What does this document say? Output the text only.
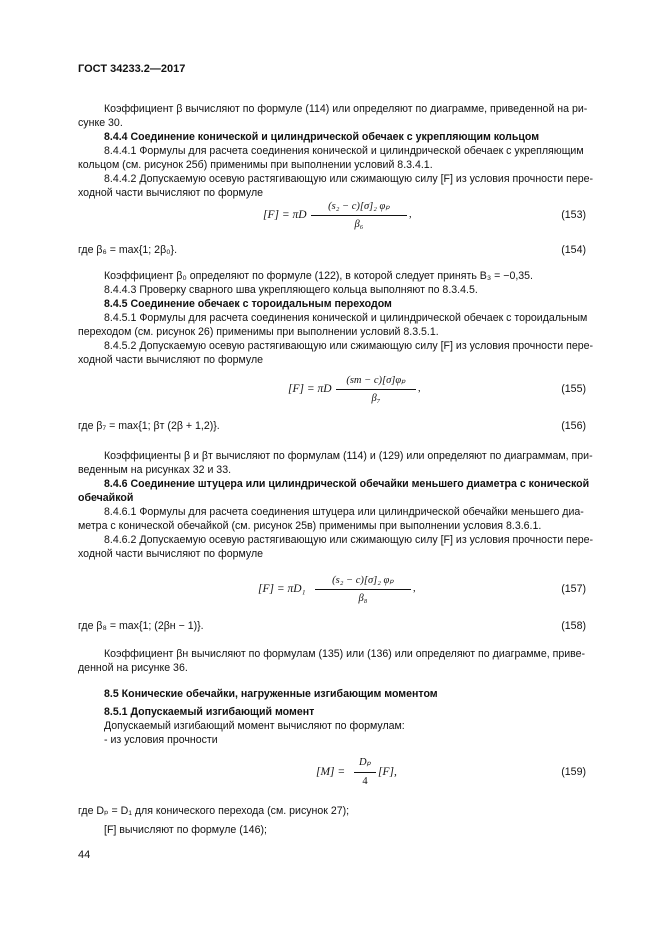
ГОСТ 34233.2—2017
Коэффициент β вычисляют по формуле (114) или определяют по диаграмме, приведенной на ри-
сунке 30.
8.4.4 Соединение конической и цилиндрической обечаек с укрепляющим кольцом
8.4.4.1 Формулы для расчета соединения конической и цилиндрической обечаек с укрепляющим
кольцом (см. рисунок 25б) применимы при выполнении условий 8.3.4.1.
8.4.4.2 Допускаемую осевую растягивающую или сжимающую силу [F] из условия прочности пере-
ходной части вычисляют по формуле
[F] = πD
(s₂ − c)[σ]₂ φₚ
β₆
,	(153)
где β₆ = max{1; 2β₀}.	(154)
Коэффициент β₀ определяют по формуле (122), в которой следует принять B₃ = −0,35.
8.4.4.3 Проверку сварного шва укрепляющего кольца выполняют по 8.3.4.5.
8.4.5 Соединение обечаек с тороидальным переходом
8.4.5.1 Формулы для расчета соединения конической и цилиндрической обечаек с тороидальным
переходом (см. рисунок 26) применимы при выполнении условий 8.3.5.1.
8.4.5.2 Допускаемую осевую растягивающую или сжимающую силу [F] из условия прочности пере-
ходной части вычисляют по формуле
[F] = πD
(sт − c)[σ]φₚ
β₇
,	(155)
где β₇ = max{1; βт (2β + 1,2)}.	(156)
Коэффициенты β и βт вычисляют по формулам (114) и (129) или определяют по диаграммам, при-
веденным на рисунках 32 и 33.
8.4.6 Соединение штуцера или цилиндрической обечайки меньшего диаметра с конической
обечайкой
8.4.6.1 Формулы для расчета соединения штуцера или цилиндрической обечайки меньшего диа-
метра с конической обечайкой (см. рисунок 25в) применимы при выполнении условия 8.3.6.1.
8.4.6.2 Допускаемую осевую растягивающую или сжимающую силу [F] из условия прочности пере-
ходной части вычисляют по формуле
[F] = πD₁
(s₂ − c)[σ]₂ φₚ
β₈
,	(157)
где β₈ = max{1; (2βн − 1)}.	(158)
Коэффициент βн вычисляют по формулам (135) или (136) или определяют по диаграмме, приве-
денной на рисунке 36.
8.5 Конические обечайки, нагруженные изгибающим моментом
8.5.1 Допускаемый изгибающий момент
Допускаемый изгибающий момент вычисляют по формулам:
- из условия прочности
[M] =
Dₚ
4
[F],	(159)
где Dₚ = D₁ для конического перехода (см. рисунок 27);
[F] вычисляют по формуле (146);
44
